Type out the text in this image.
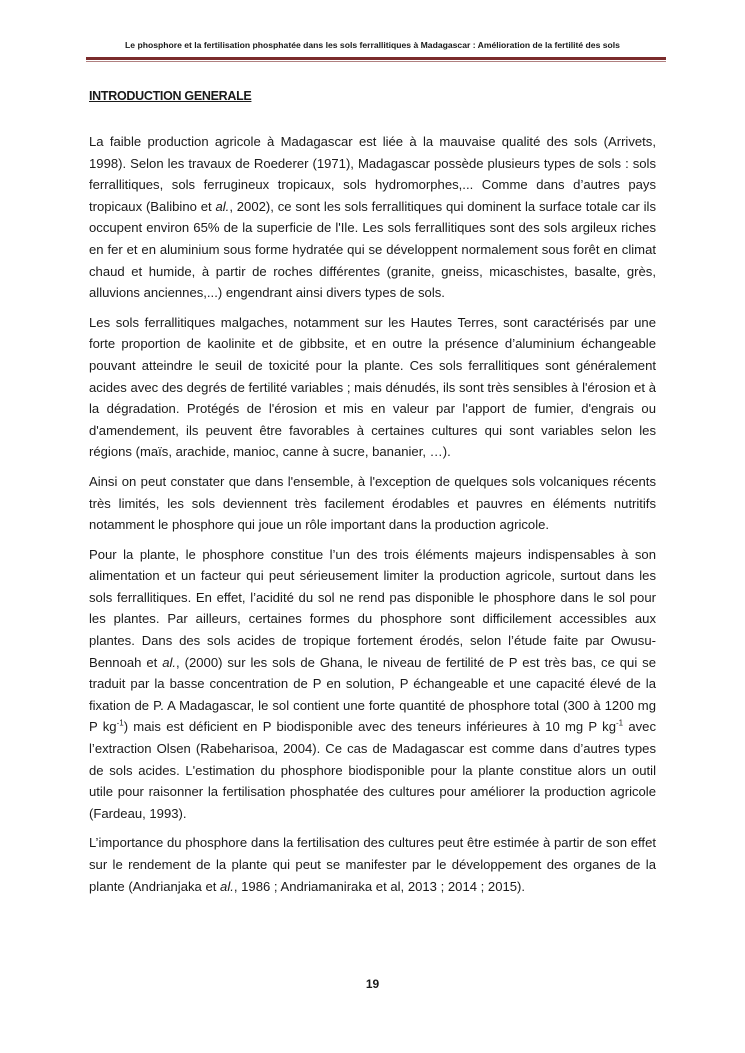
Le phosphore et la fertilisation phosphatée dans les sols ferrallitiques à Madagascar : Amélioration de la fertilité des sols
INTRODUCTION GENERALE

La faible production agricole à Madagascar est liée à la mauvaise qualité des sols (Arrivets, 1998). Selon les travaux de Roederer (1971), Madagascar possède plusieurs types de sols : sols ferrallitiques, sols ferrugineux tropicaux, sols hydromorphes,... Comme dans d’autres pays tropicaux (Balibino et al., 2002), ce sont les sols ferrallitiques qui dominent la surface totale car ils occupent environ 65% de la superficie de l'Ile. Les sols ferrallitiques sont des sols argileux riches en fer et en aluminium sous forme hydratée qui se développent normalement sous forêt en climat chaud et humide, à partir de roches différentes (granite, gneiss, micaschistes, basalte, grès, alluvions anciennes,...) engendrant ainsi divers types de sols.

Les sols ferrallitiques malgaches, notamment sur les Hautes Terres, sont caractérisés par une forte proportion de kaolinite et de gibbsite, et en outre la présence d’aluminium échangeable pouvant atteindre le seuil de toxicité pour la plante. Ces sols ferrallitiques sont généralement acides avec des degrés de fertilité variables ; mais dénudés, ils sont très sensibles à l'érosion et à la dégradation. Protégés de l'érosion et mis en valeur par l'apport de fumier, d'engrais ou d'amendement, ils peuvent être favorables à certaines cultures qui sont variables selon les régions (maïs, arachide, manioc, canne à sucre, bananier, …).

Ainsi on peut constater que dans l'ensemble, à l'exception de quelques sols volcaniques récents très limités, les sols deviennent très facilement érodables et pauvres en éléments nutritifs notamment le phosphore qui joue un rôle important dans la production agricole.

Pour la plante, le phosphore constitue l’un des trois éléments majeurs indispensables à son alimentation et un facteur qui peut sérieusement limiter la production agricole, surtout dans les sols ferrallitiques. En effet, l’acidité du sol ne rend pas disponible le phosphore dans le sol pour les plantes. Par ailleurs, certaines formes du phosphore sont difficilement accessibles aux plantes. Dans des sols acides de tropique fortement érodés, selon l’étude faite par Owusu-Bennoah et al., (2000) sur les sols de Ghana, le niveau de fertilité de P est très bas, ce qui se traduit par la basse concentration de P en solution, P échangeable et une capacité élevé de la fixation de P. A Madagascar, le sol contient une forte quantité de phosphore total (300 à 1200 mg P $kg^{-1}$) mais est déficient en P biodisponible avec des teneurs inférieures à 10 mg P $kg^{-1}$ avec l’extraction Olsen (Rabeharisoa, 2004). Ce cas de Madagascar est comme dans d’autres types de sols acides. L'estimation du phosphore biodisponible pour la plante constitue alors un outil utile pour raisonner la fertilisation phosphatée des cultures pour améliorer la production agricole (Fardeau, 1993).

L’importance du phosphore dans la fertilisation des cultures peut être estimée à partir de son effet sur le rendement de la plante qui peut se manifester par le développement des organes de la plante (Andrianjaka et al., 1986 ; Andriamaniraka et al, 2013 ; 2014 ; 2015).

19
